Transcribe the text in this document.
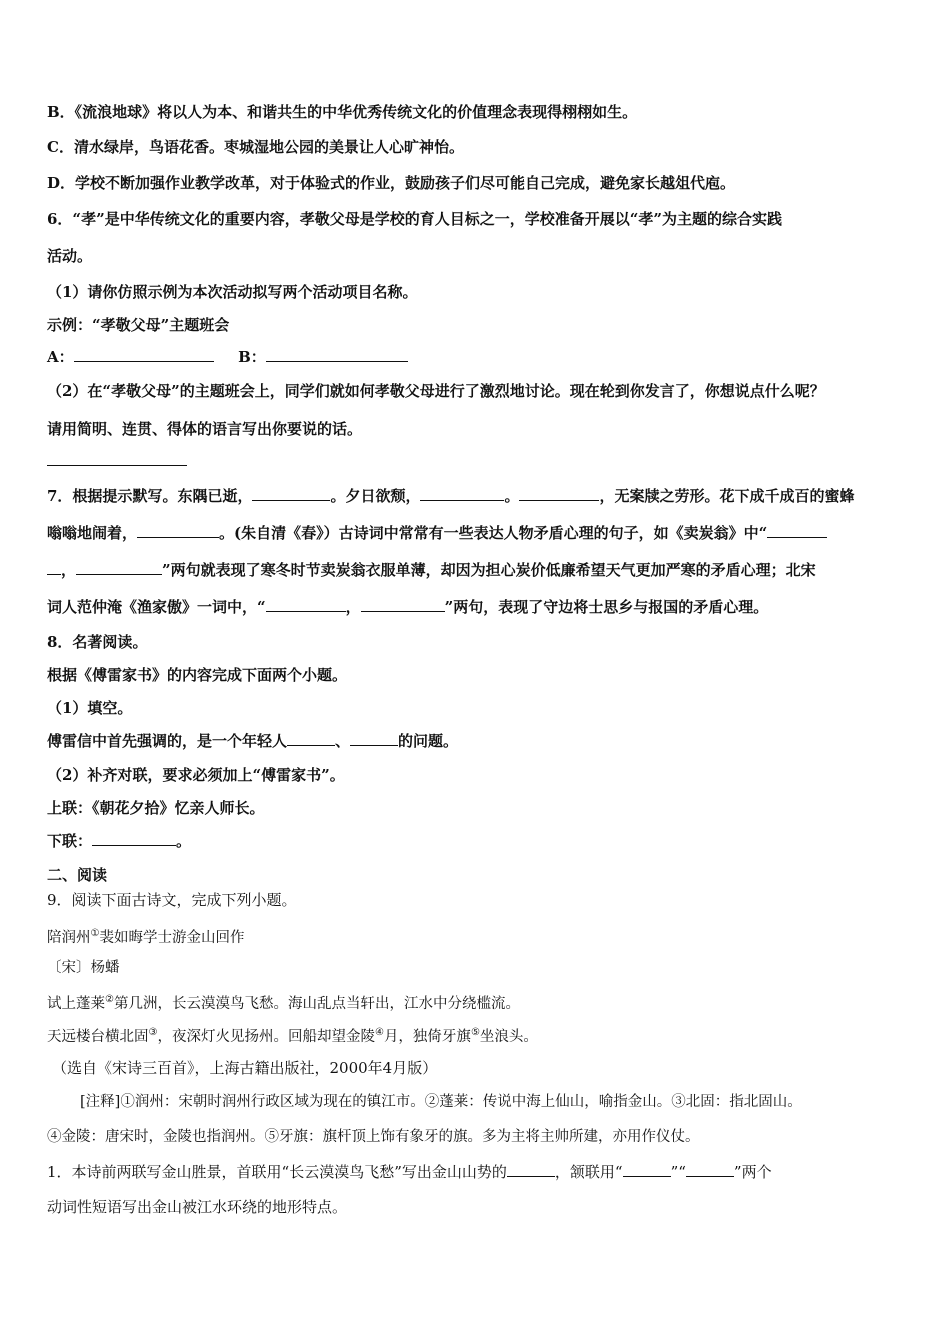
B．《流浪地球》将以人为本、和谐共生的中华优秀传统文化的价值理念表现得栩栩如生。
C．清水绿岸，鸟语花香。枣城湿地公园的美景让人心旷神怡。
D．学校不断加强作业教学改革，对于体验式的作业，鼓励孩子们尽可能自己完成，避免家长越俎代庖。
6．“孝”是中华传统文化的重要内容，孝敬父母是学校的育人目标之一，学校准备开展以“孝”为主题的综合实践
活动。
（1）请你仿照示例为本次活动拟写两个活动项目名称。
示例：“孝敬父母”主题班会
A：	B：
（2）在“孝敬父母”的主题班会上，同学们就如何孝敬父母进行了激烈地讨论。现在轮到你发言了，你想说点什么呢？
请用简明、连贯、得体的语言写出你要说的话。
7．根据提示默写。东隅已逝，	。夕日欲颓，	。	，无案牍之劳形。花下成千成百的蜜蜂
嗡嗡地闹着，	。(朱自清《春》）古诗词中常常有一些表达人物矛盾心理的句子，如《卖炭翁》中“
，	”两句就表现了寒冬时节卖炭翁衣服单薄，却因为担心炭价低廉希望天气更加严寒的矛盾心理；北宋
词人范仲淹《渔家傲》一词中，“	，	”两句，表现了守边将士思乡与报国的矛盾心理。
8．名著阅读。
根据《傅雷家书》的内容完成下面两个小题。
（1）填空。
傅雷信中首先强调的，是一个年轻人	、	的问题。
（2）补齐对联，要求必须加上“傅雷家书”。
上联：《朝花夕拾》忆亲人师长。
下联：	。
二、阅读
9．阅读下面古诗文，完成下列小题。
陪润州①裴如晦学士游金山回作
〔宋〕杨蟠
试上蓬莱②第几洲，长云漠漠鸟飞愁。海山乱点当轩出，江水中分绕槛流。
天远楼台横北固③，夜深灯火见扬州。回船却望金陵④月，独倚牙旗⑤坐浪头。
（选自《宋诗三百首》，上海古籍出版社，2000年4月版）
[注释]①润州：宋朝时润州行政区域为现在的镇江市。②蓬莱：传说中海上仙山，喻指金山。③北固：指北固山。
④金陵：唐宋时，金陵也指润州。⑤牙旗：旗杆顶上饰有象牙的旗。多为主将主帅所建，亦用作仪仗。
1．本诗前两联写金山胜景，首联用“长云漠漠鸟飞愁”写出金山山势的	，颔联用“	”“	”两个
动词性短语写出金山被江水环绕的地形特点。
